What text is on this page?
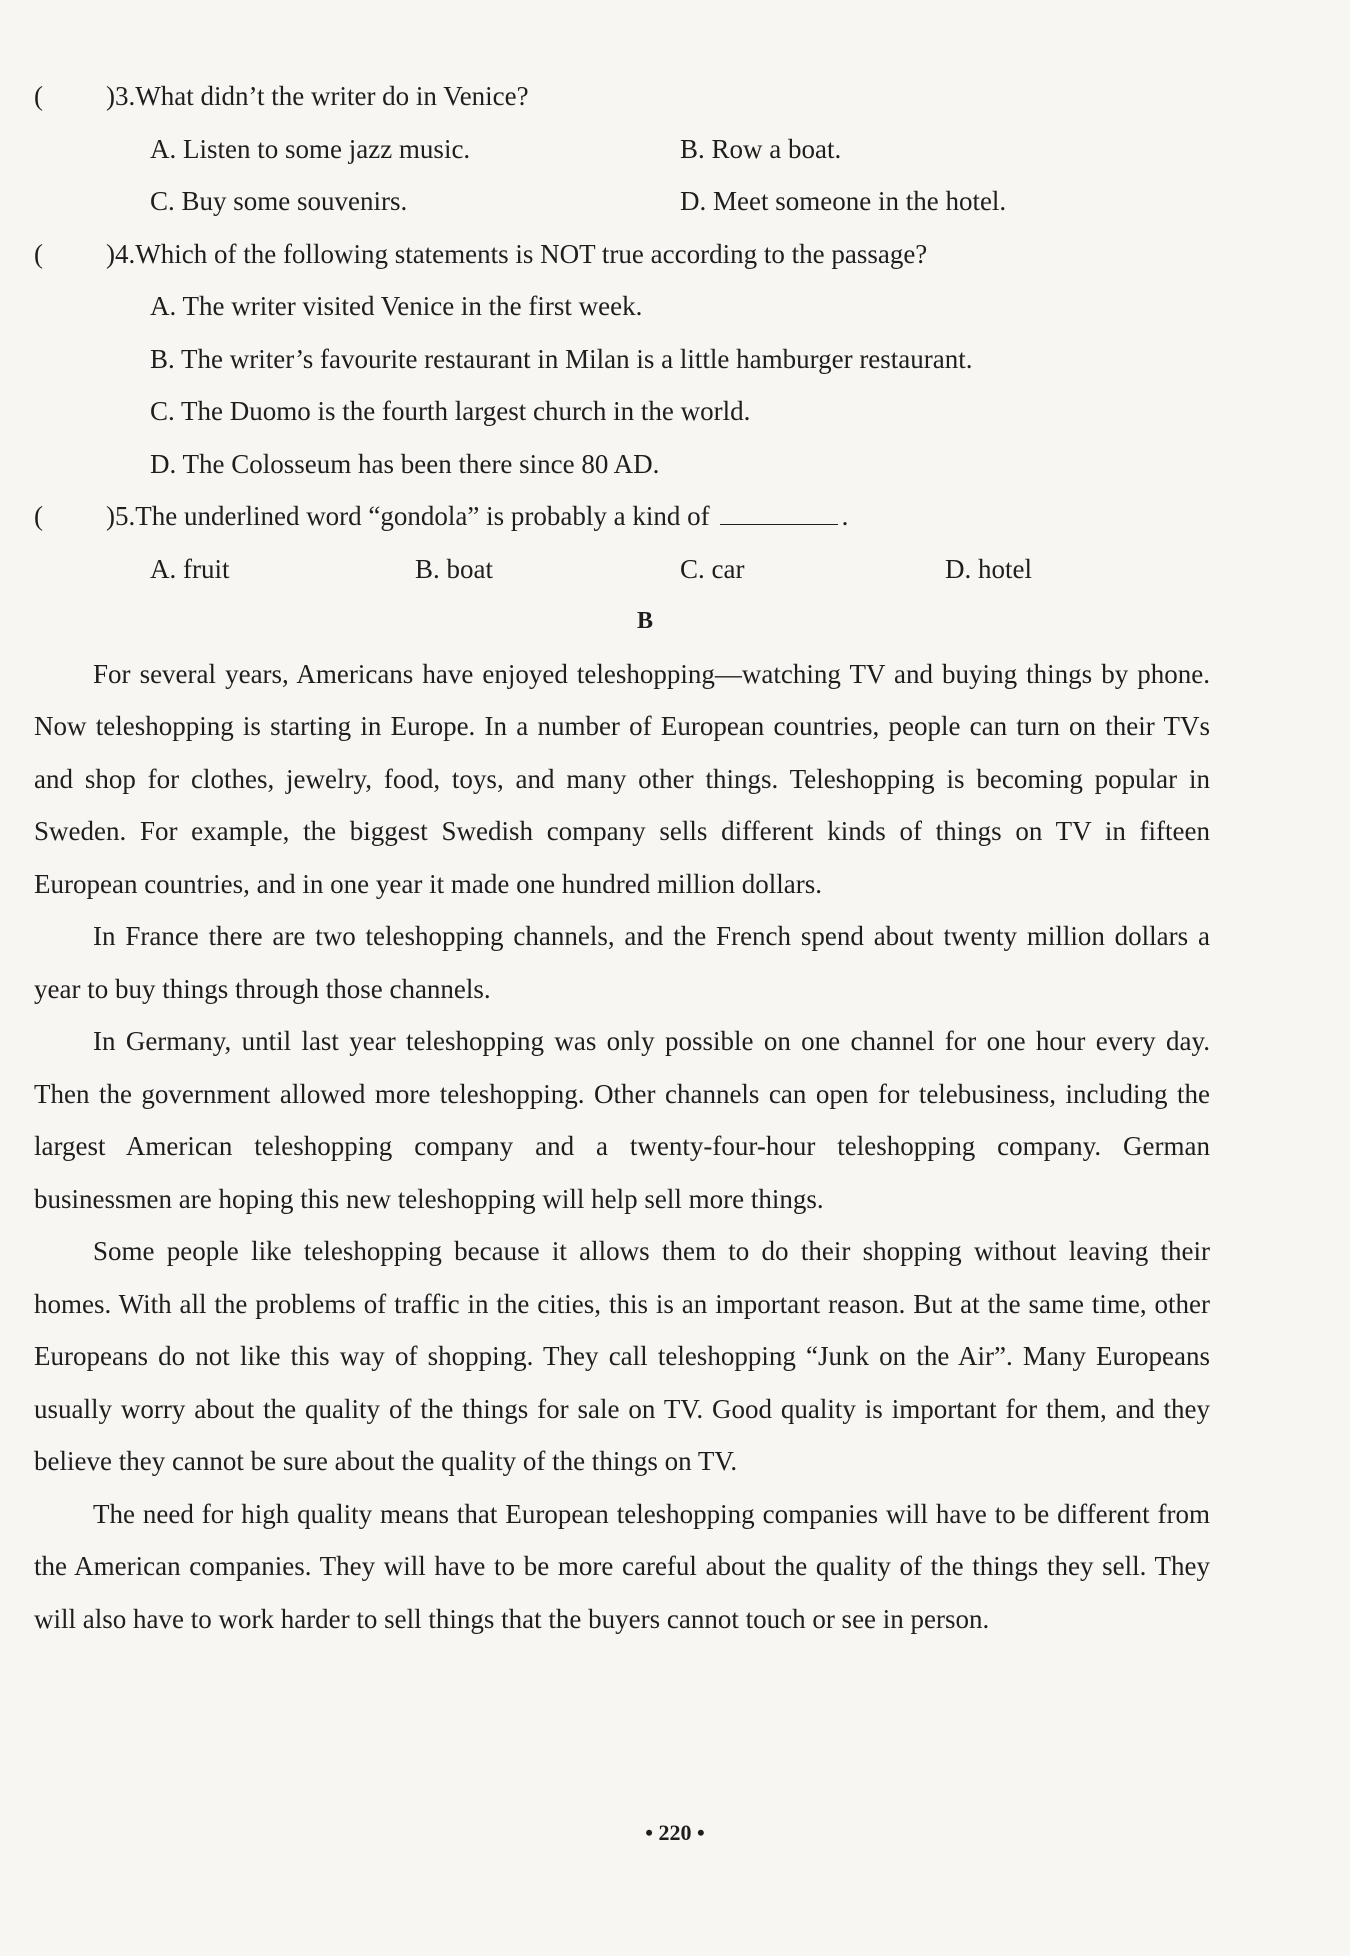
(	)3. What didn’t the writer do in Venice?
A. Listen to some jazz music.	B. Row a boat.
C. Buy some souvenirs.	D. Meet someone in the hotel.
(	)4. Which of the following statements is NOT true according to the passage?
A. The writer visited Venice in the first week.
B. The writer’s favourite restaurant in Milan is a little hamburger restaurant.
C. The Duomo is the fourth largest church in the world.
D. The Colosseum has been there since 80 AD.
(	)5. The underlined word “gondola” is probably a kind of	.
A. fruit	B. boat	C. car	D. hotel
B

For several years, Americans have enjoyed teleshopping—watching TV and buying things by phone. Now teleshopping is starting in Europe. In a number of European countries, people can turn on their TVs and shop for clothes, jewelry, food, toys, and many other things. Teleshopping is becoming popular in Sweden. For example, the biggest Swedish company sells different kinds of things on TV in fifteen European countries, and in one year it made one hundred million dollars.

In France there are two teleshopping channels, and the French spend about twenty million dollars a year to buy things through those channels.

In Germany, until last year teleshopping was only possible on one channel for one hour every day. Then the government allowed more teleshopping. Other channels can open for telebusiness, including the largest American teleshopping company and a twenty-four-hour teleshopping company. German businessmen are hoping this new teleshopping will help sell more things.

Some people like teleshopping because it allows them to do their shopping without leaving their homes. With all the problems of traffic in the cities, this is an important reason. But at the same time, other Europeans do not like this way of shopping. They call teleshopping “Junk on the Air”. Many Europeans usually worry about the quality of the things for sale on TV. Good quality is important for them, and they believe they cannot be sure about the quality of the things on TV.

The need for high quality means that European teleshopping companies will have to be different from the American companies. They will have to be more careful about the quality of the things they sell. They will also have to work harder to sell things that the buyers cannot touch or see in person.

• 220 •
